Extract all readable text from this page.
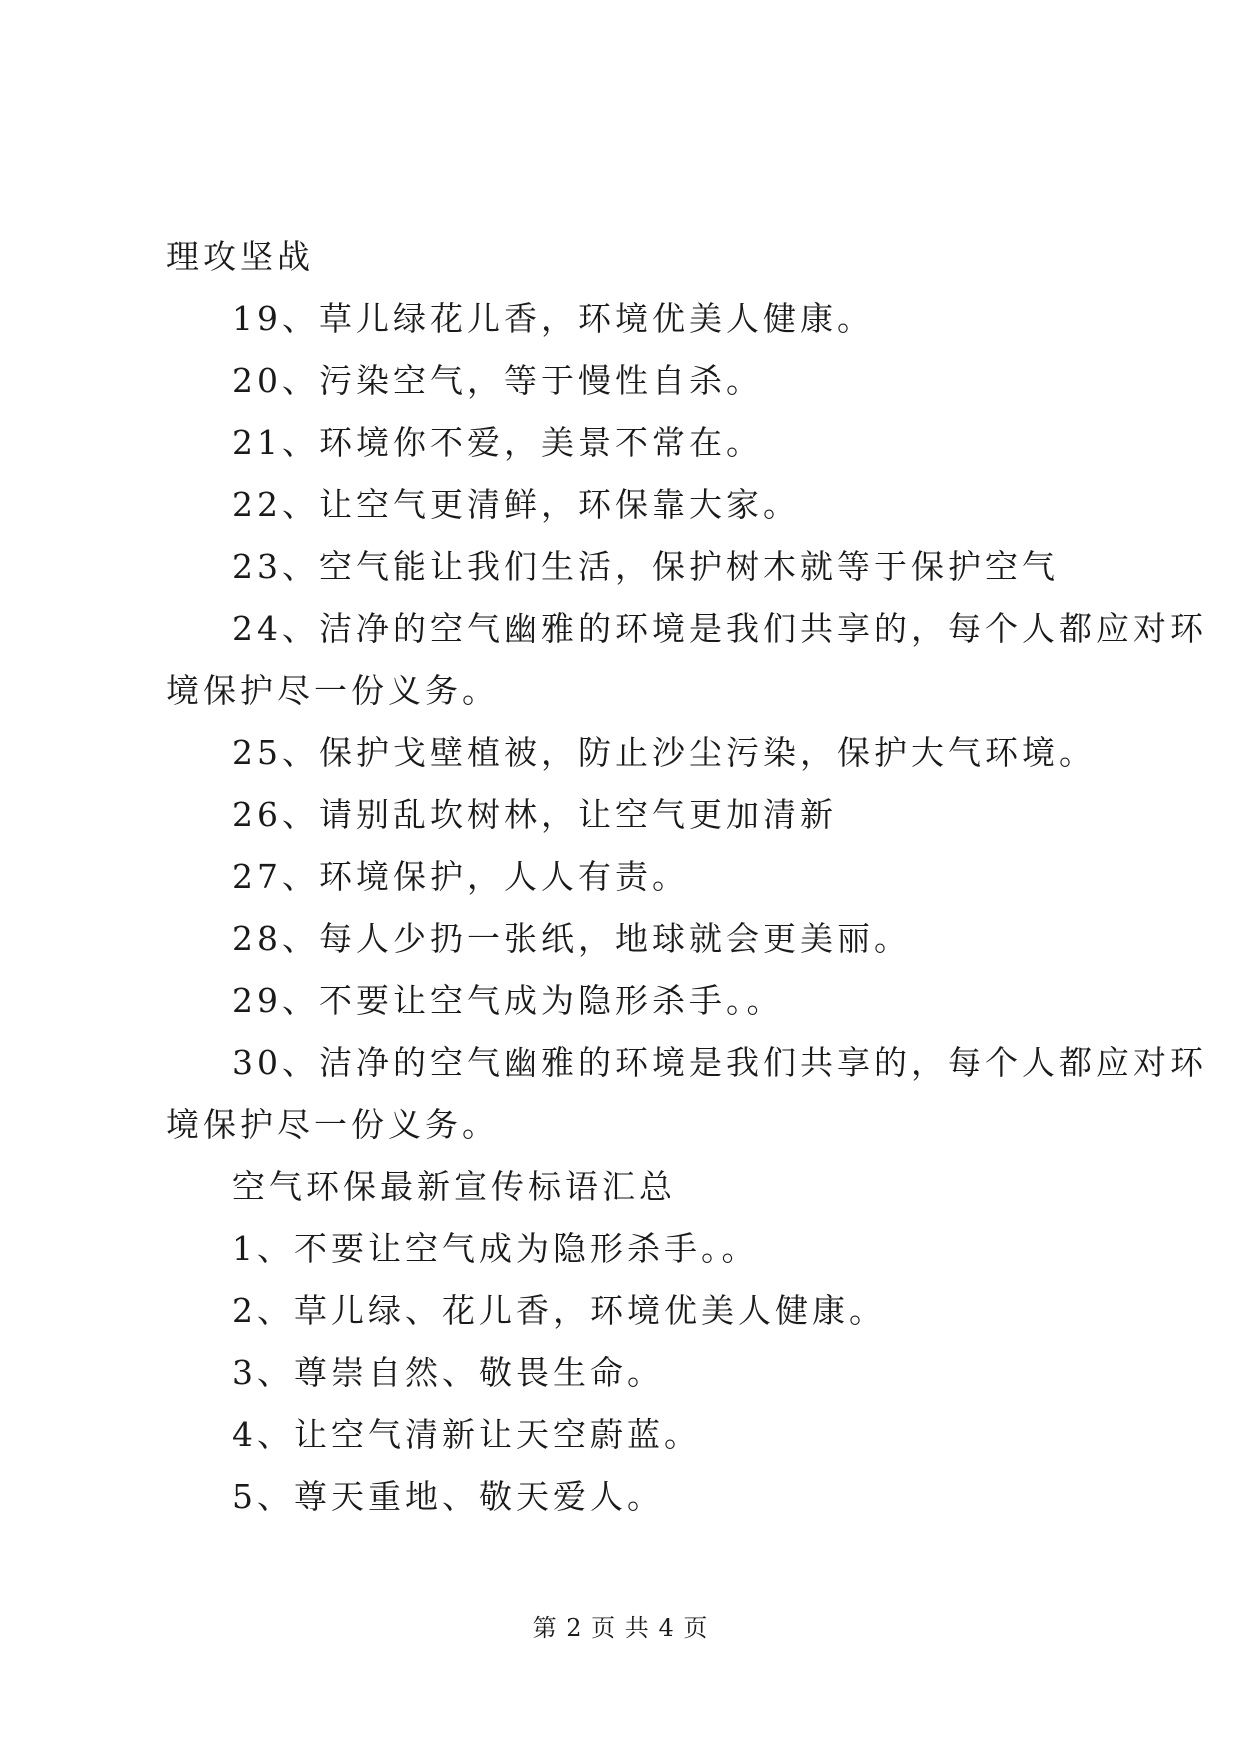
理攻坚战
19、草儿绿花儿香，环境优美人健康。
20、污染空气，等于慢性自杀。
21、环境你不爱，美景不常在。
22、让空气更清鲜，环保靠大家。
23、空气能让我们生活，保护树木就等于保护空气
24、洁净的空气幽雅的环境是我们共享的，每个人都应对环
境保护尽一份义务。
25、保护戈壁植被，防止沙尘污染，保护大气环境。
26、请别乱坎树林，让空气更加清新
27、环境保护，人人有责。
28、每人少扔一张纸，地球就会更美丽。
29、不要让空气成为隐形杀手。。
30、洁净的空气幽雅的环境是我们共享的，每个人都应对环
境保护尽一份义务。
空气环保最新宣传标语汇总
1、不要让空气成为隐形杀手。。
2、草儿绿、花儿香，环境优美人健康。
3、尊崇自然、敬畏生命。
4、让空气清新让天空蔚蓝。
5、尊天重地、敬天爱人。
第 2 页 共 4 页
